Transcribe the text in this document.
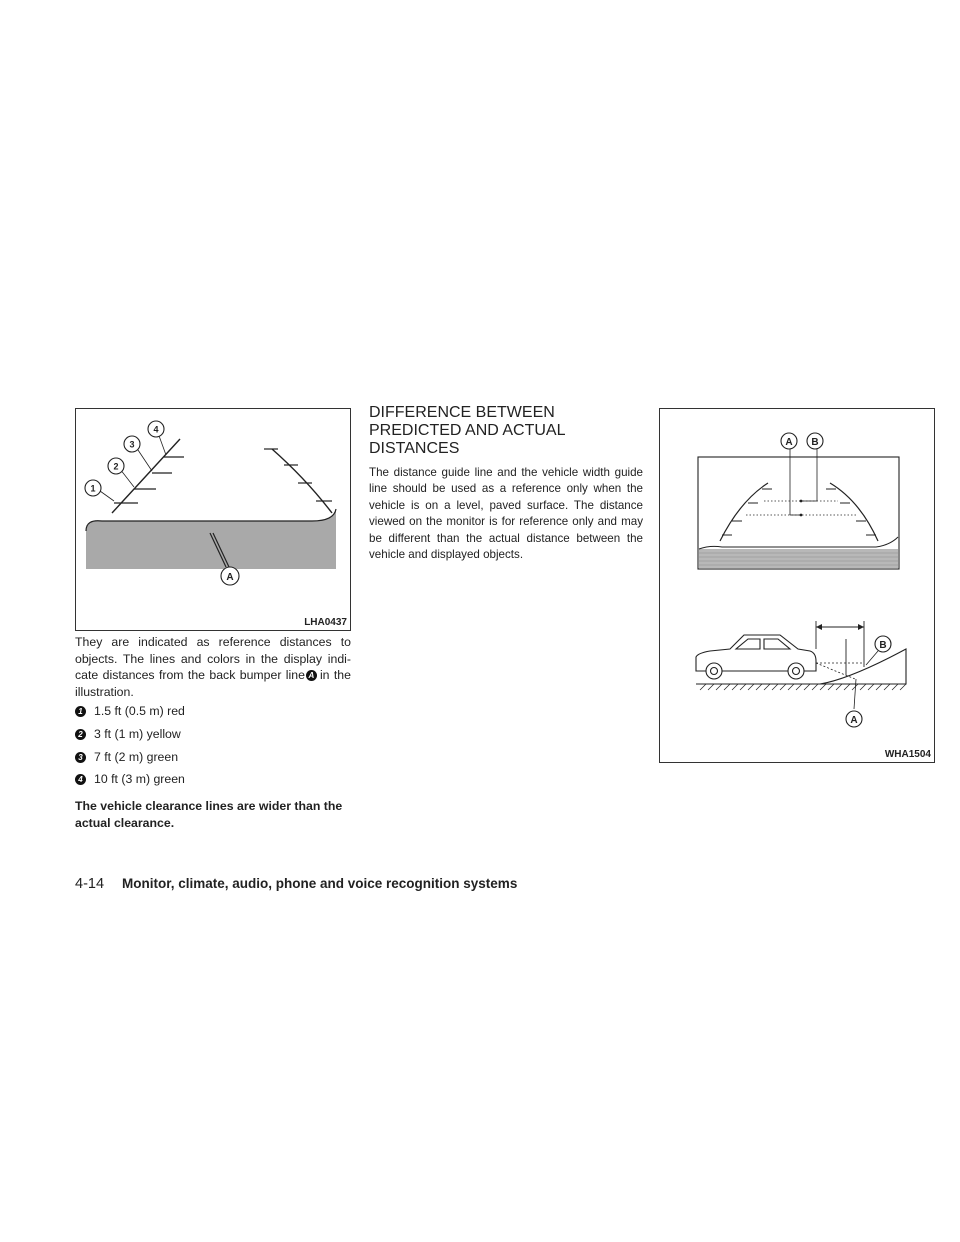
1
2
3
4
A
LHA0437
They are indicated as reference distances to objects. The lines and colors in the display indi- cate distances from the back bumper line A in the illustration.
1 1.5 ft (0.5 m) red
2 3 ft (1 m) yellow
3 7 ft (2 m) green
4 10 ft (3 m) green
The vehicle clearance lines are wider than the actual clearance.
DIFFERENCE BETWEEN PREDICTED AND ACTUAL DISTANCES
The distance guide line and the vehicle width guide line should be used as a reference only when the vehicle is on a level, paved surface. The distance viewed on the monitor is for reference only and may be different than the actual distance between the vehicle and displayed objects.
A B
B
A
WHA1504
4-14 Monitor, climate, audio, phone and voice recognition systems
